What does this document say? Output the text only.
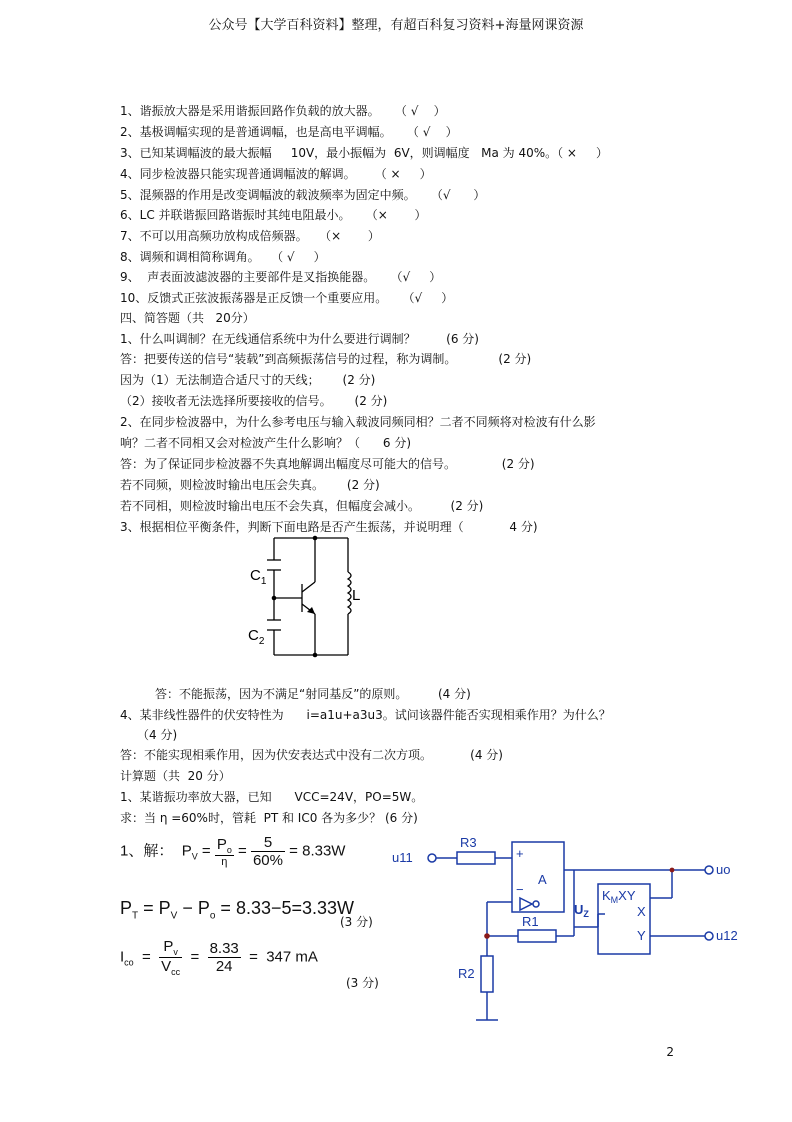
公众号【大学百科资料】整理，有超百科复习资料+海量网课资源
1、谐振放大器是采用谐振回路作负载的放大器。    （ √    ）
2、基极调幅实现的是普通调幅，也是高电平调幅。    （ √    ）
3、已知某调幅波的最大振幅     10V，最小振幅为  6V，则调幅度   Ma 为 40%。（ ×     ）
4、同步检波器只能实现普通调幅波的解调。     （ ×     ）
5、混频器的作用是改变调幅波的载波频率为固定中频。    （√      ）
6、LC 并联谐振回路谐振时其纯电阻最小。    （×       ）
7、不可以用高频功放构成倍频器。   （×       ）
8、调频和调相简称调角。   （ √     ）
9、  声表面波滤波器的主要部件是叉指换能器。    （√     ）
10、反馈式正弦波振荡器是正反馈一个重要应用。    （√     ）
四、简答题（共   20分）
1、什么叫调制？在无线通信系统中为什么要进行调制？        (6 分)
答：把要传送的信号“装载”到高频振荡信号的过程，称为调制。           (2 分)
因为（1）无法制造合适尺寸的天线；      (2 分)
（2）接收者无法选择所要接收的信号。      (2 分)
2、在同步检波器中，为什么参考电压与输入载波同频同相？二者不同频将对检波有什么影
响？二者不同相又会对检波产生什么影响？（      6 分)
答：为了保证同步检波器不失真地解调出幅度尽可能大的信号。            (2 分)
若不同频，则检波时输出电压会失真。      (2 分)
若不同相，则检波时输出电压不会失真，但幅度会减小。        (2 分)
3、根据相位平衡条件，判断下面电路是否产生振荡，并说明理（            4 分)
$C_1$
$C_2$
L
答：不能振荡，因为不满足“射同基反”的原则。        (4 分)
4、某非线性器件的伏安特性为      i=a1u+a3u3。试问该器件能否实现相乘作用？为什么？
（4 分)
答：不能实现相乘作用，因为伏安表达式中没有二次方项。          (4 分)
计算题（共  20 分）
1、某谐振功率放大器，已知      VCC=24V，PO=5W。
求：当 η =60%时，管耗  PT 和 IC0 各为多少？ (6 分)
1、解： $P_V = P_o$
η
= $\frac{5}{60\%} = 8.33W$
$P_T = P_V - P_o = 8.33-5=3.33W$
(3 分)
$I_{co}$  =
$P_v$
$V_{cc}$
= $\frac{8.33}{24} = 347$ mA
(3 分)
u11
R3
+
−
A
$U_Z$
R1
R2
$K_MXY$
X
Y
uo
u12
2
